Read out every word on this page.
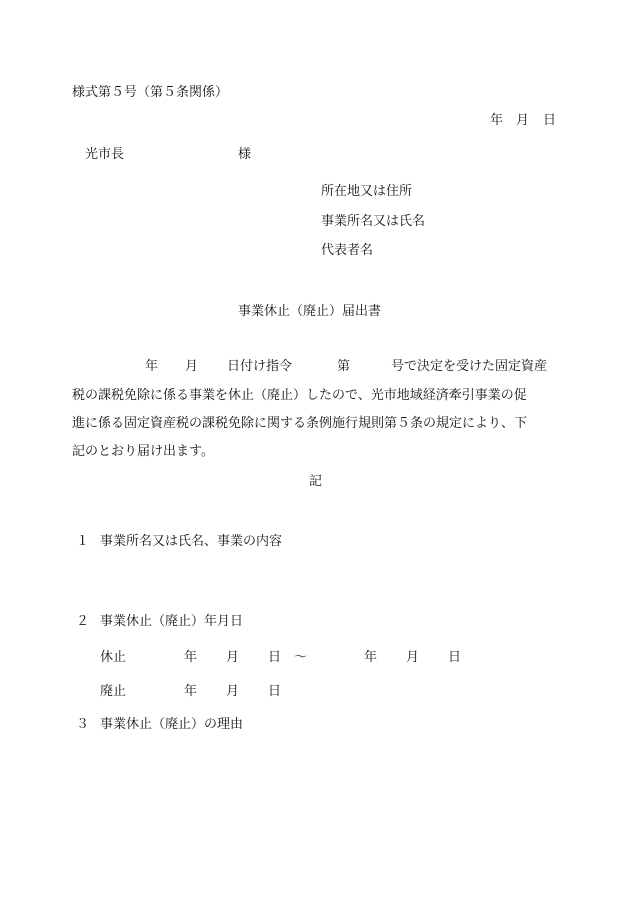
様式第５号（第５条関係）
年 月 日
光市長	様
所在地又は住所
事業所名又は氏名
代表者名
事業休止（廃止）届出書
年 月 日付け指令	第	号で決定を受けた固定資産
税の課税免除に係る事業を休止（廃止）したので、光市地域経済牽引事業の促
進に係る固定資産税の課税免除に関する条例施行規則第５条の規定により、下
記のとおり届け出ます。
記
１ 事業所名又は氏名、事業の内容
２ 事業休止（廃止）年月日
休止	年 月 日 ～	年 月 日
廃止	年 月 日
３ 事業休止（廃止）の理由
